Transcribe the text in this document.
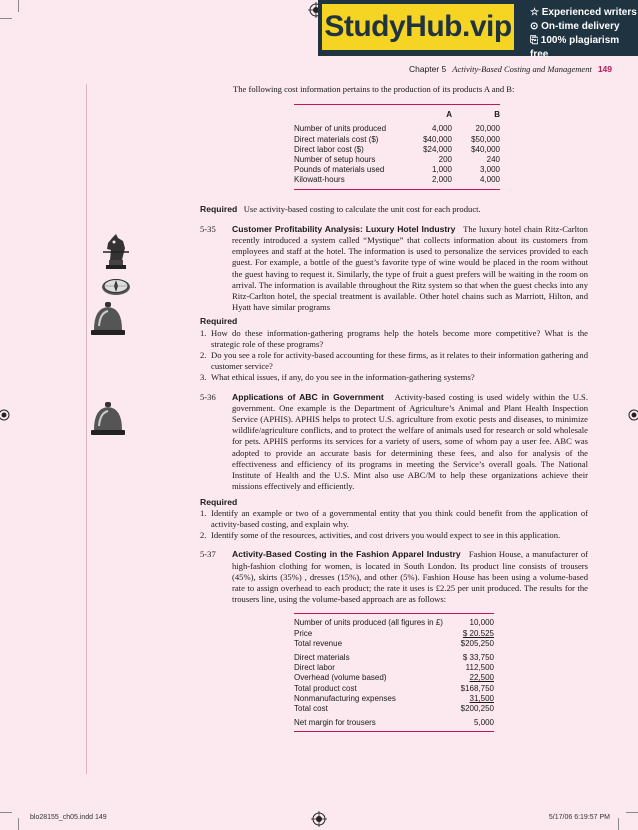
StudyHub.vip ☆ Experienced writers
⊙ On-time delivery
⎘ 100% plagiarism free
Chapter 5 Activity-Based Costing and Management 149

The following cost information pertains to the production of its products A and B:

	A	B

Number of units produced	4,000	20,000
Direct materials cost ($)	$40,000	$50,000
Direct labor cost ($)	$24,000	$40,000
Number of setup hours	200	240
Pounds of materials used	1,000	3,000
Kilowatt-hours	2,000	4,000

Required Use activity-based costing to calculate the unit cost for each product.

5-35	Customer Profitability Analysis: Luxury Hotel Industry The luxury hotel chain Ritz-Carlton recently introduced a system called “Mystique” that collects information about its customers from employees and staff at the hotel. The information is used to personalize the services provided to each guest. For example, a bottle of the guest’s favorite type of wine would be placed in the room without the guest having to request it. Similarly, the type of fruit a guest prefers will be waiting in the room on arrival. The information is available throughout the Ritz system so that when the guest checks into any Ritz-Carlton hotel, the special treatment is available. Other hotel chains such as Marriott, Hilton, and Hyatt have similar programs

Required

1. How do these information-gathering programs help the hotels become more competitive? What is the strategic role of these programs?
2. Do you see a role for activity-based accounting for these firms, as it relates to their information gathering and customer service?
3. What ethical issues, if any, do you see in the information-gathering systems?
5-36	Applications of ABC in Government Activity-based costing is used widely within the U.S. government. One example is the Department of Agriculture’s Animal and Plant Health Inspection Service (APHIS). APHIS helps to protect U.S. agriculture from exotic pests and diseases, to minimize wildlife/agriculture conflicts, and to protect the welfare of animals used for research or sold wholesale for pets. APHIS performs its services for a variety of users, some of whom pay a user fee. ABC was adopted to provide an accurate basis for determining these fees, and also for analysis of the effectiveness and efficiency of its programs in meeting the Service’s overall goals. The National Institute of Health and the U.S. Mint also use ABC/M to help these organizations achieve their missions effectively and efficiently.

Required

1. Identify an example or two of a governmental entity that you think could benefit from the application of activity-based costing, and explain why.
2. Identify some of the resources, activities, and cost drivers you would expect to see in this application.
5-37	Activity-Based Costing in the Fashion Apparel Industry Fashion House, a manufacturer of high-fashion clothing for women, is located in South London. Its product line consists of trousers (45%), skirts (35%) , dresses (15%), and other (5%). Fashion House has been using a volume-based rate to assign overhead to each product; the rate it uses is £2.25 per unit produced. The results for the trousers line, using the volume-based approach are as follows:
Number of units produced (all figures in £)	10,000
Price	$ 20.525
Total revenue	$205,250

Direct materials	$ 33,750
Direct labor	112,500
Overhead (volume based)	22,500
Total product cost	$168,750
Nonmanufacturing expenses	31,500
Total cost	$200,250

Net margin for trousers	5,000
blo28155_ch05.indd 149	5/17/06 6:19:57 PM
